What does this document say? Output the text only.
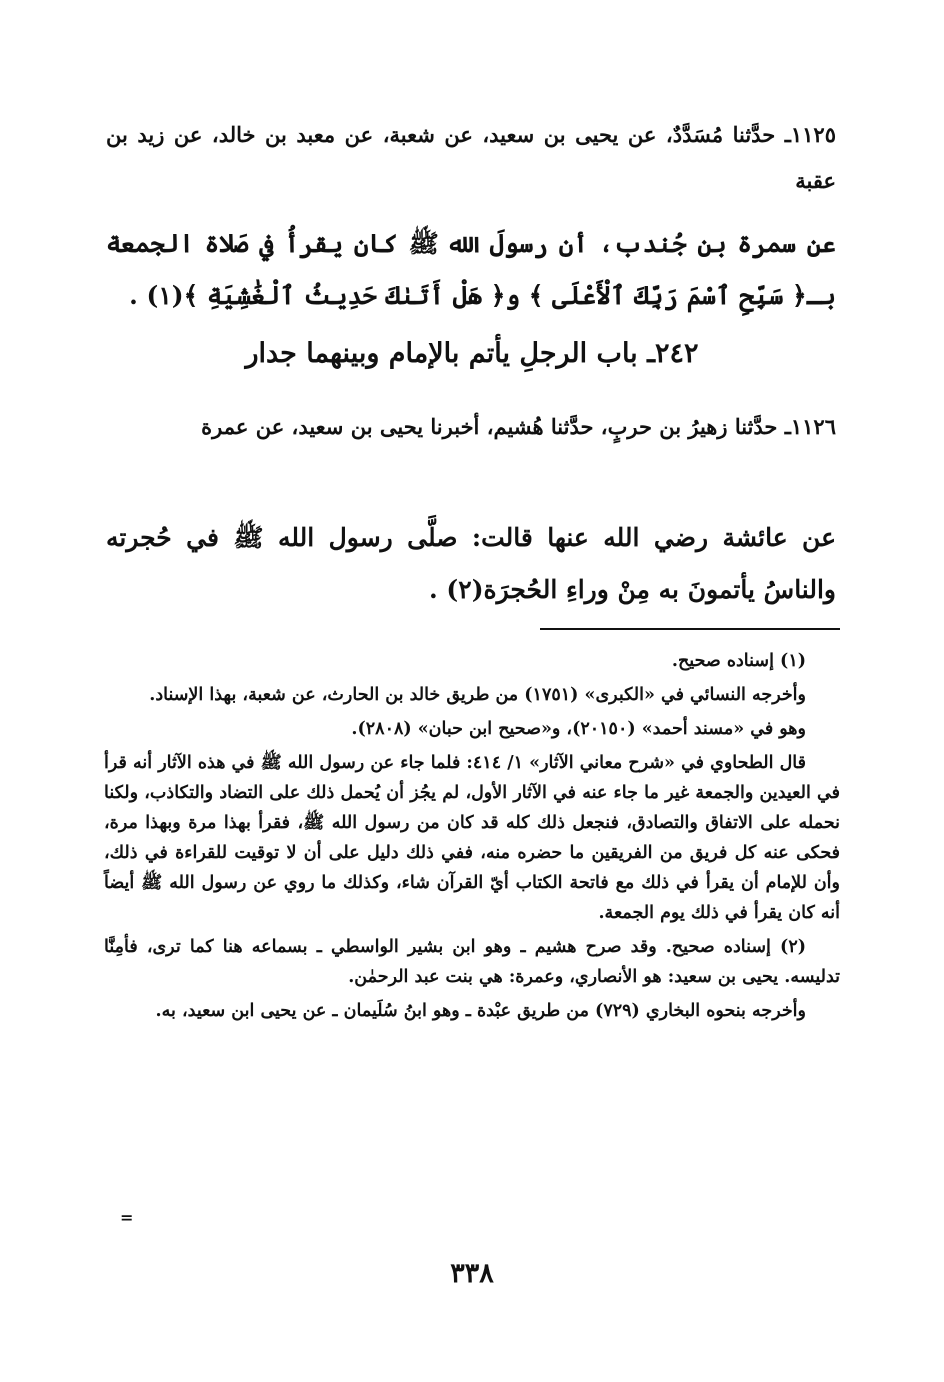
١١٢٥ـ حدَّثنا مُسَدَّدٌ، عن يحيى بن سعيد، عن شعبة، عن معبد بن خالد، عن زيد بن عقبة
عن سمرة بن جُندب، أن رسولَ الله ﷺ كان يقرأُ في صَلاة الجمعة بـ﴿ سَبِّحِ ٱسْمَ رَبِّكَ ٱلْأَعْلَى ﴾ و﴿ هَلْ أَتَىٰكَ حَدِيثُ ٱلْغَٰشِيَةِ ﴾(١) .
٢٤٢ـ باب الرجلِ يأتم بالإمام وبينهما جدار
١١٢٦ـ حدَّثنا زهيرُ بن حربٍ، حدَّثنا هُشيم، أخبرنا يحيى بن سعيد، عن عمرة
عن عائشة رضي الله عنها قالت: صلَّى رسول الله ﷺ في حُجرته والناسُ يأتمونَ به مِنْ وراءِ الحُجرَة(٢) .

(١) إسناده صحيح.

وأخرجه النسائي في «الكبرى» (١٧٥١) من طريق خالد بن الحارث، عن شعبة، بهذا الإسناد.

وهو في «مسند أحمد» (٢٠١٥٠)، و«صحيح ابن حبان» (٢٨٠٨).

قال الطحاوي في «شرح معاني الآثار» ١/ ٤١٤: فلما جاء عن رسول الله ﷺ في هذه الآثار أنه قرأ في العيدين والجمعة غير ما جاء عنه في الآثار الأول، لم يجُز أن يُحمل ذلك على التضاد والتكاذب، ولكنا نحمله على الاتفاق والتصادق، فنجعل ذلك كله قد كان من رسول الله ﷺ، فقرأ بهذا مرة وبهذا مرة، فحكى عنه كل فريق من الفريقين ما حضره منه، ففي ذلك دليل على أن لا توقيت للقراءة في ذلك، وأن للإمام أن يقرأ في ذلك مع فاتحة الكتاب أيّ القرآن شاء، وكذلك ما روي عن رسول الله ﷺ أيضاً أنه كان يقرأ في ذلك يوم الجمعة.

(٢) إسناده صحيح. وقد صرح هشيم ـ وهو ابن بشير الواسطي ـ بسماعه هنا كما ترى، فأمِنَّا تدليسه. يحيى بن سعيد: هو الأنصاري، وعمرة: هي بنت عبد الرحمٰن.

وأخرجه بنحوه البخاري (٧٢٩) من طريق عبْدة ـ وهو ابنُ سُلَيمان ـ عن يحيى ابن سعيد، به.

=
٣٣٨
